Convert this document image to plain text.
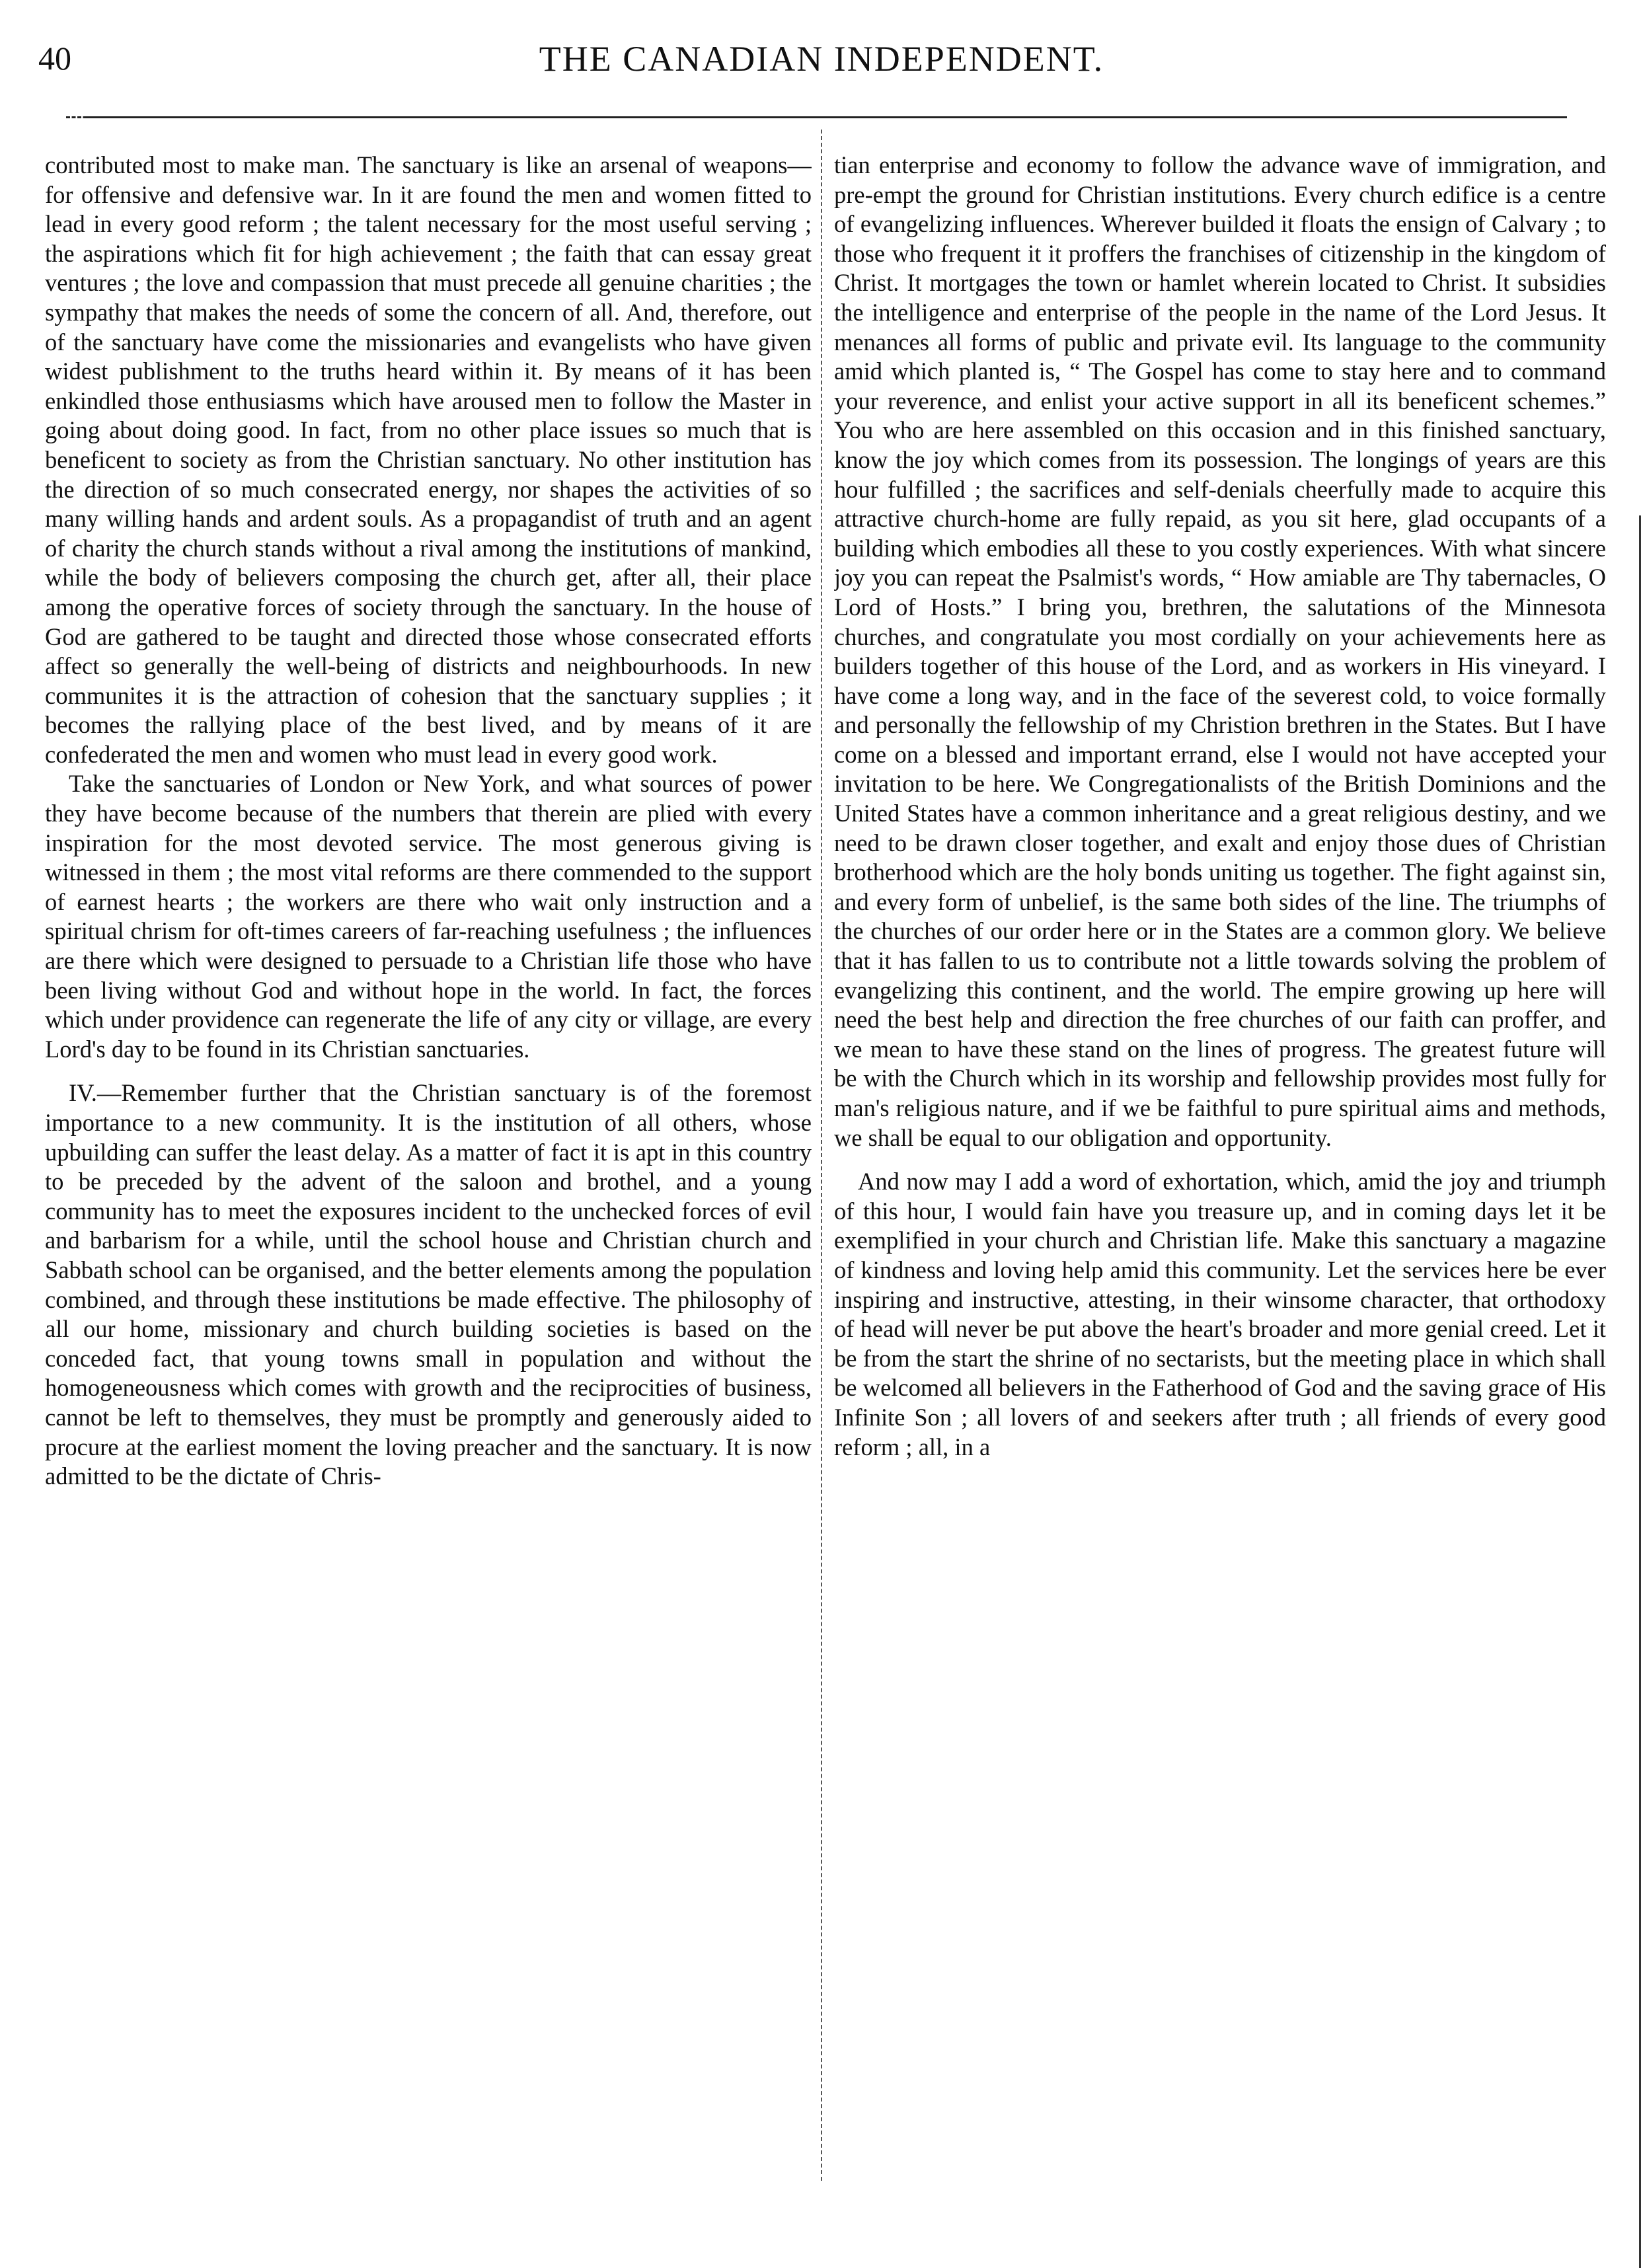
40	THE CANADIAN INDEPENDENT.

contributed most to make man. The sanctuary is like an arsenal of weapons—for offensive and defensive war. In it are found the men and women fitted to lead in every good reform ; the talent necessary for the most useful serving ; the aspirations which fit for high achievement ; the faith that can essay great ventures ; the love and compassion that must precede all genuine charities ; the sympathy that makes the needs of some the concern of all. And, therefore, out of the sanctuary have come the missionaries and evangelists who have given widest publishment to the truths heard within it. By means of it has been enkindled those enthusiasms which have aroused men to follow the Master in going about doing good. In fact, from no other place issues so much that is beneficent to society as from the Christian sanctuary. No other institution has the direction of so much consecrated energy, nor shapes the activities of so many willing hands and ardent souls. As a propagandist of truth and an agent of charity the church stands without a rival among the institutions of mankind, while the body of believers composing the church get, after all, their place among the operative forces of society through the sanctuary. In the house of God are gathered to be taught and directed those whose consecrated efforts affect so generally the well-being of districts and neighbourhoods. In new communites it is the attraction of cohesion that the sanctuary supplies ; it becomes the rallying place of the best lived, and by means of it are confederated the men and women who must lead in every good work.

Take the sanctuaries of London or New York, and what sources of power they have become because of the numbers that therein are plied with every inspiration for the most devoted service. The most generous giving is witnessed in them ; the most vital reforms are there commended to the support of earnest hearts ; the workers are there who wait only instruction and a spiritual chrism for oft-times careers of far-reaching usefulness ; the influences are there which were designed to persuade to a Christian life those who have been living without God and without hope in the world. In fact, the forces which under providence can regenerate the life of any city or village, are every Lord's day to be found in its Christian sanctuaries.

IV.—Remember further that the Christian sanctuary is of the foremost importance to a new community. It is the institution of all others, whose upbuilding can suffer the least delay. As a matter of fact it is apt in this country to be preceded by the advent of the saloon and brothel, and a young community has to meet the exposures incident to the unchecked forces of evil and barbarism for a while, until the school house and Christian church and Sabbath school can be organised, and the better elements among the population combined, and through these institutions be made effective. The philosophy of all our home, missionary and church building societies is based on the conceded fact, that young towns small in population and without the homogeneousness which comes with growth and the reciprocities of business, cannot be left to themselves, they must be promptly and generously aided to procure at the earliest moment the loving preacher and the sanctuary. It is now admitted to be the dictate of Chris-

tian enterprise and economy to follow the advance wave of immigration, and pre-empt the ground for Christian institutions. Every church edifice is a centre of evangelizing influences. Wherever builded it floats the ensign of Calvary ; to those who frequent it it proffers the franchises of citizenship in the kingdom of Christ. It mortgages the town or hamlet wherein located to Christ. It subsidies the intelligence and enterprise of the people in the name of the Lord Jesus. It menances all forms of public and private evil. Its language to the community amid which planted is, “ The Gospel has come to stay here and to command your reverence, and enlist your active support in all its beneficent schemes.” You who are here assembled on this occasion and in this finished sanctuary, know the joy which comes from its possession. The longings of years are this hour fulfilled ; the sacrifices and self-denials cheerfully made to acquire this attractive church-home are fully repaid, as you sit here, glad occupants of a building which embodies all these to you costly experiences. With what sincere joy you can repeat the Psalmist's words, “ How amiable are Thy tabernacles, O Lord of Hosts.” I bring you, brethren, the salutations of the Minnesota churches, and congratulate you most cordially on your achievements here as builders together of this house of the Lord, and as workers in His vineyard. I have come a long way, and in the face of the severest cold, to voice formally and personally the fellowship of my Christion brethren in the States. But I have come on a blessed and important errand, else I would not have accepted your invitation to be here. We Congregationalists of the British Dominions and the United States have a common inheritance and a great religious destiny, and we need to be drawn closer together, and exalt and enjoy those dues of Christian brotherhood which are the holy bonds uniting us together. The fight against sin, and every form of unbelief, is the same both sides of the line. The triumphs of the churches of our order here or in the States are a common glory. We believe that it has fallen to us to contribute not a little towards solving the problem of evangelizing this continent, and the world. The empire growing up here will need the best help and direction the free churches of our faith can proffer, and we mean to have these stand on the lines of progress. The greatest future will be with the Church which in its worship and fellowship provides most fully for man's religious nature, and if we be faithful to pure spiritual aims and methods, we shall be equal to our obligation and opportunity.

And now may I add a word of exhortation, which, amid the joy and triumph of this hour, I would fain have you treasure up, and in coming days let it be exemplified in your church and Christian life. Make this sanctuary a magazine of kindness and loving help amid this community. Let the services here be ever inspiring and instructive, attesting, in their winsome character, that orthodoxy of head will never be put above the heart's broader and more genial creed. Let it be from the start the shrine of no sectarists, but the meeting place in which shall be welcomed all believers in the Fatherhood of God and the saving grace of His Infinite Son ; all lovers of and seekers after truth ; all friends of every good reform ; all, in a
